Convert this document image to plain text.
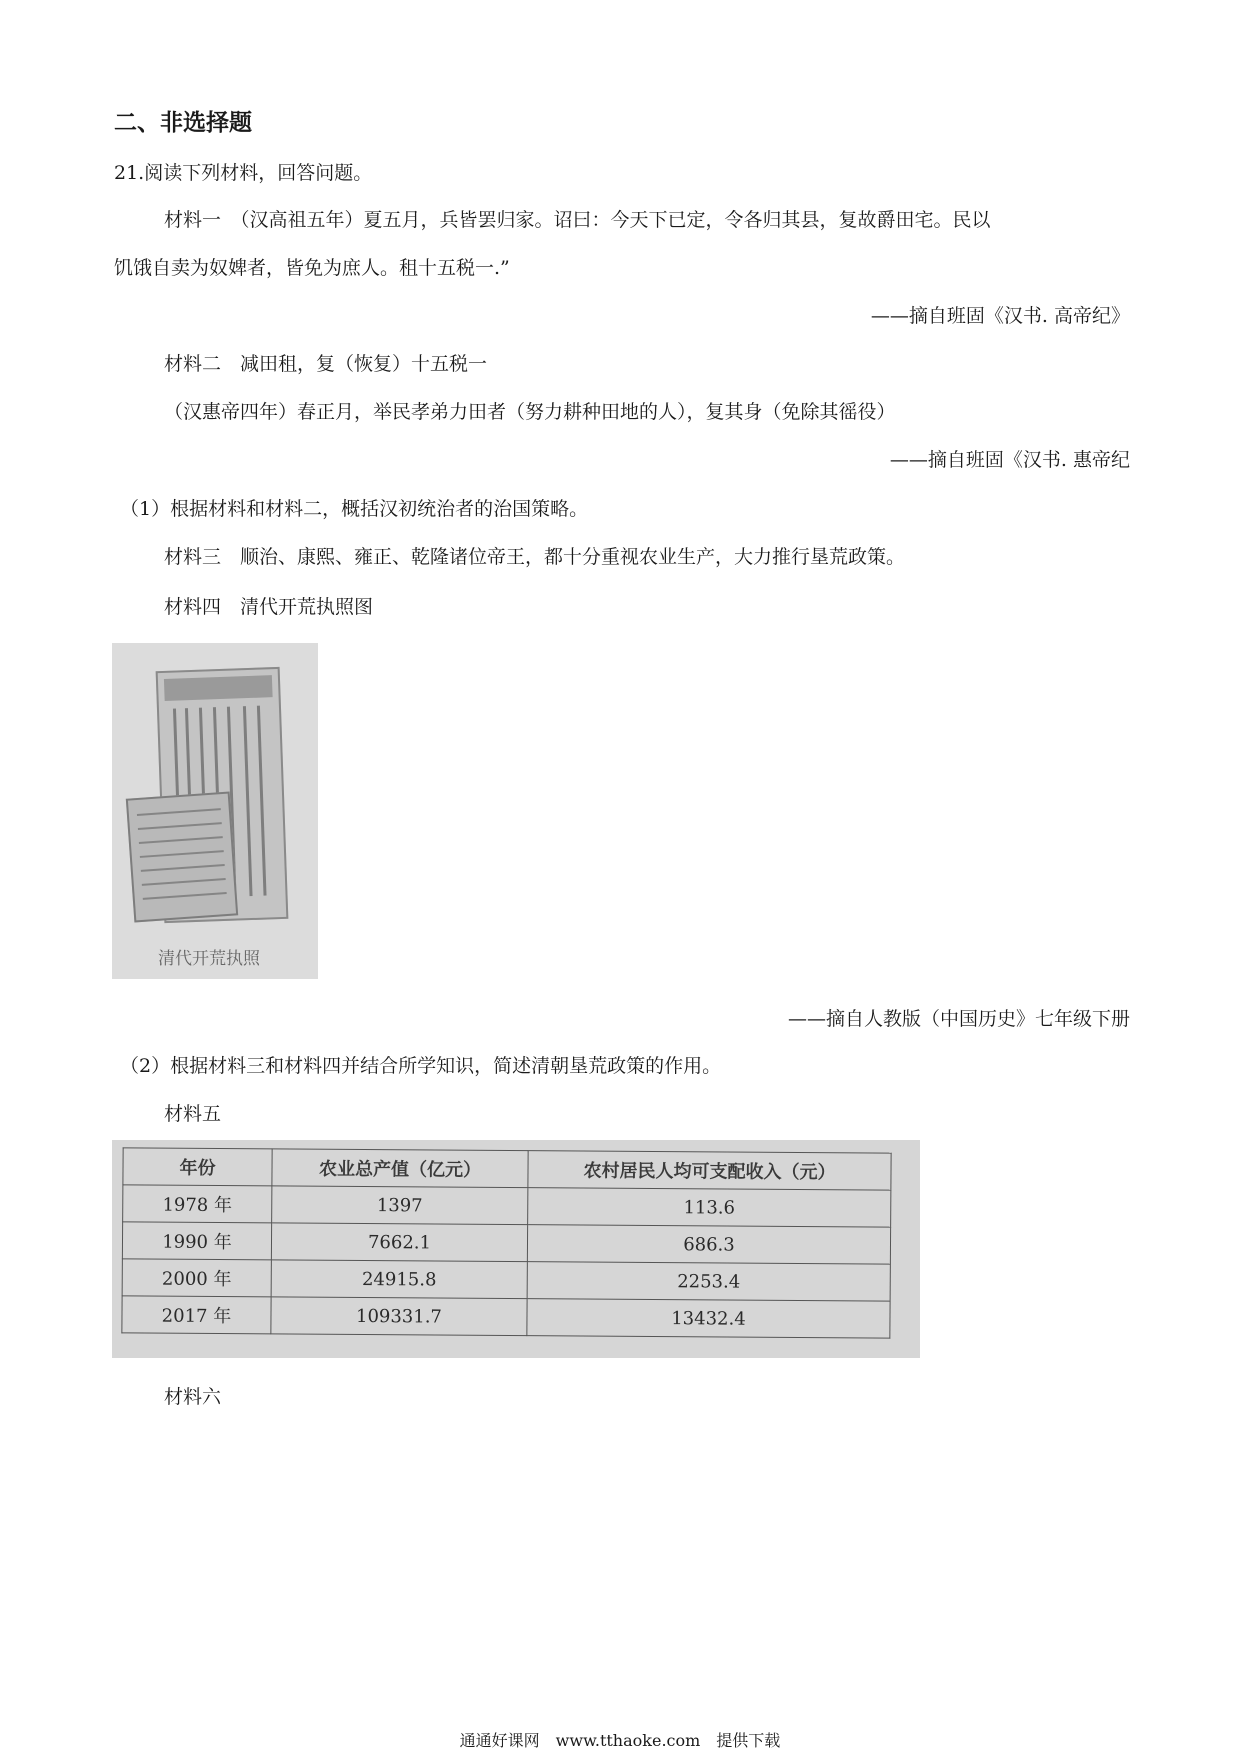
二、非选择题
21.阅读下列材料，回答问题。
材料一　（汉高祖五年）夏五月，兵皆罢归家。诏曰：今天下已定，令各归其县，复故爵田宅。民以
饥饿自卖为奴婢者，皆免为庶人。租十五税一.”
——摘自班固《汉书. 高帝纪》
材料二　减田租，复（恢复）十五税一
（汉惠帝四年）春正月，举民孝弟力田者（努力耕种田地的人），复其身（免除其徭役）
——摘自班固《汉书. 惠帝纪
（1）根据材料和材料二，概括汉初统治者的治国策略。
材料三　顺治、康熙、雍正、乾隆诸位帝王，都十分重视农业生产，大力推行垦荒政策。
材料四　清代开荒执照图
清代开荒执照
——摘自人教版（中国历史》七年级下册
（2）根据材料三和材料四并结合所学知识，简述清朝垦荒政策的作用。
材料五
年份	农业总产值（亿元）	农村居民人均可支配收入（元）
1978 年	1397	113.6
1990 年	7662.1	686.3
2000 年	24915.8	2253.4
2017 年	109331.7	13432.4
材料六
通通好课网　www.tthaoke.com　提供下载
